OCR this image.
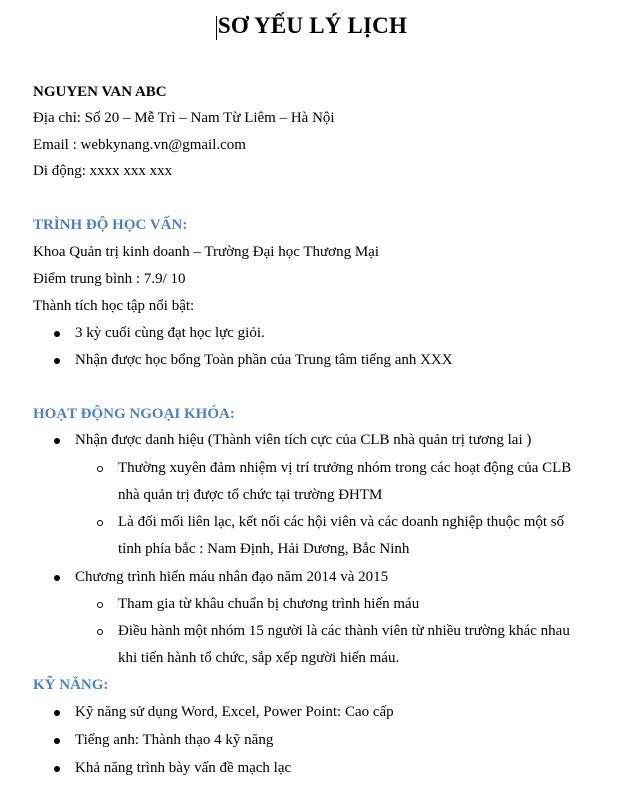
SƠ YẾU LÝ LỊCH
NGUYEN VAN ABC
Địa chỉ: Số 20 – Mễ Trì – Nam Từ Liêm – Hà Nội
Email : webkynang.vn@gmail.com
Di động: xxxx xxx xxx
TRÌNH ĐỘ HỌC VẤN:
Khoa Quản trị kinh doanh – Trường Đại học Thương Mại
Điểm trung bình : 7.9/ 10
Thành tích học tập nổi bật:
3 kỳ cuối cùng đạt học lực giỏi.
Nhận được học bổng Toàn phần của Trung tâm tiếng anh XXX
HOẠT ĐỘNG NGOẠI KHÓA:
Nhận được danh hiệu (Thành viên tích cực của CLB nhà quản trị tương lai )
Thường xuyên đảm nhiệm vị trí trưởng nhóm trong các hoạt động của CLB
nhà quản trị được tổ chức tại trường ĐHTM
Là đối mối liên lạc, kết nối các hội viên và các doanh nghiệp thuộc một số
tỉnh phía bắc : Nam Định, Hải Dương, Bắc Ninh
Chương trình hiến máu nhân đạo năm 2014 và 2015
Tham gia từ khâu chuẩn bị chương trình hiến máu
Điều hành một nhóm 15 người là các thành viên từ nhiều trường khác nhau
khi tiến hành tổ chức, sắp xếp người hiến máu.
KỸ NĂNG:
Kỹ năng sử dụng Word, Excel, Power Point: Cao cấp
Tiếng anh: Thành thạo 4 kỹ năng
Khả năng trình bày vấn đề mạch lạc
